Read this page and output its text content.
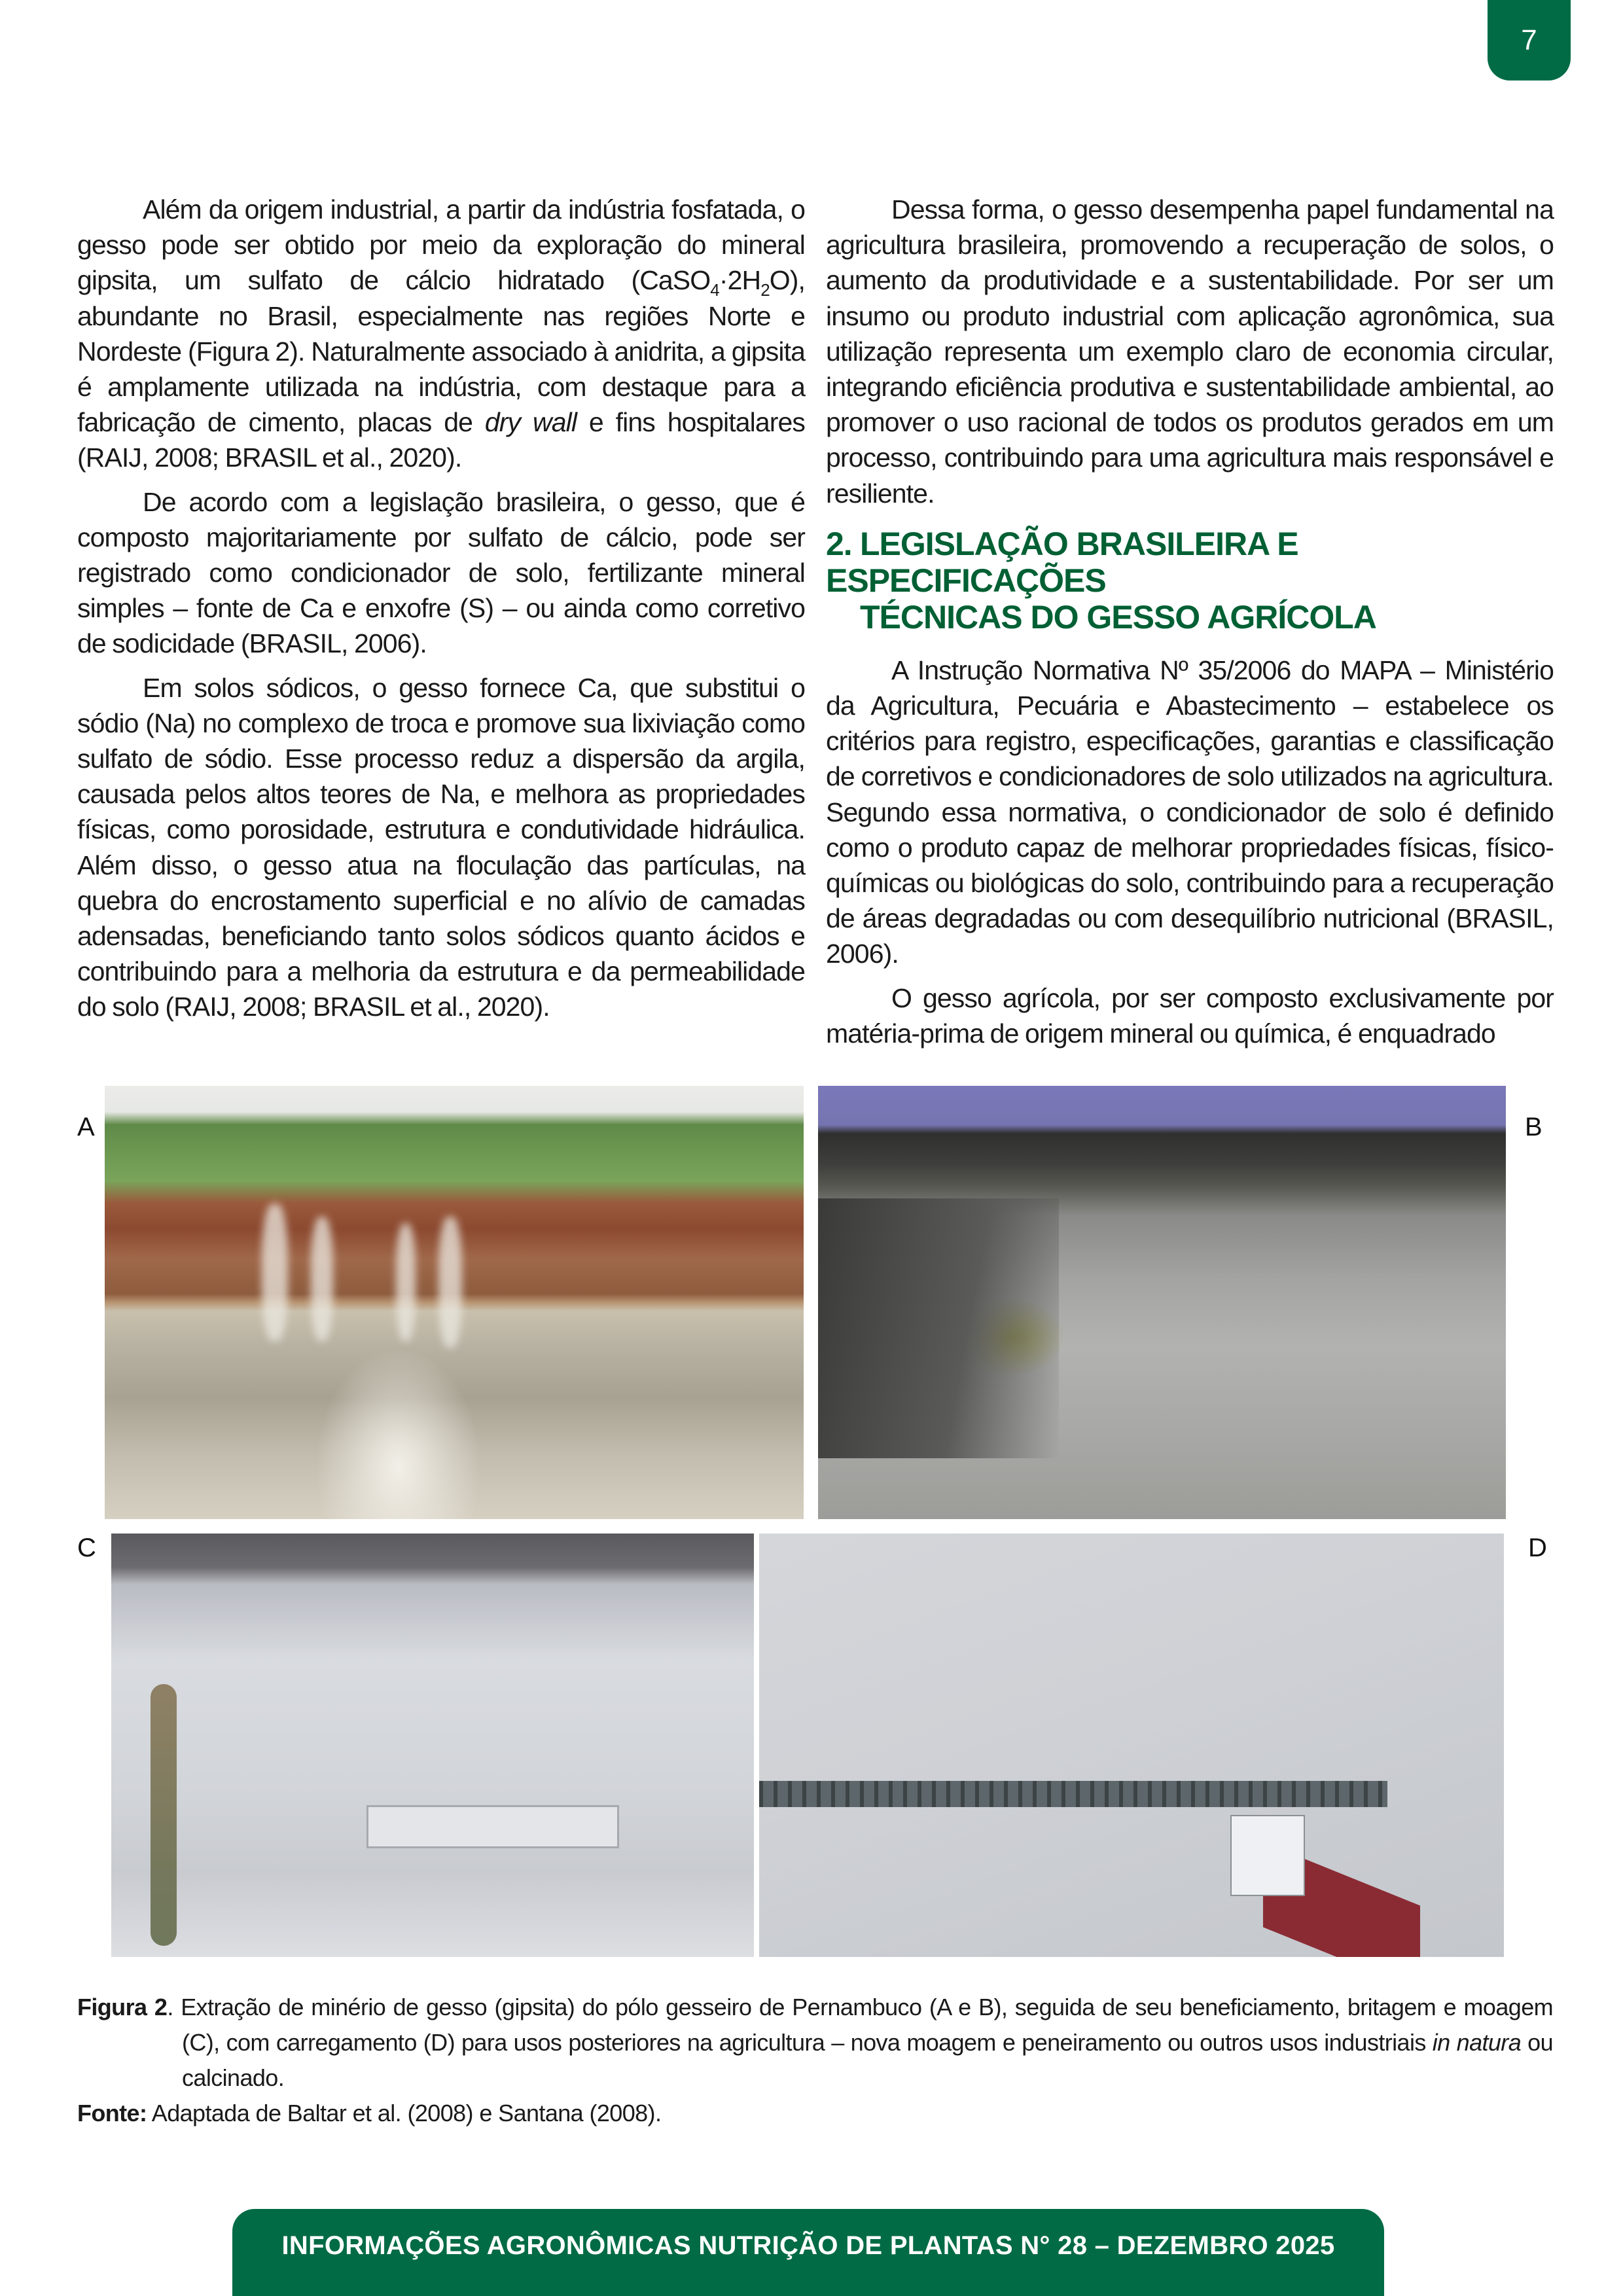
7

Além da origem industrial, a partir da indústria fosfatada, o gesso pode ser obtido por meio da exploração do mineral gipsita, um sulfato de cálcio hidratado $(CaSO_4\cdot 2H_2O)$, abundante no Brasil, especialmente nas regiões Norte e Nordeste (Figura 2). Naturalmente associado à anidrita, a gipsita é amplamente utilizada na indústria, com destaque para a fabricação de cimento, placas de dry wall e fins hospitalares (RAIJ, 2008; BRASIL et al., 2020).

De acordo com a legislação brasileira, o gesso, que é composto majoritariamente por sulfato de cálcio, pode ser registrado como condicionador de solo, fertilizante mineral simples – fonte de Ca e enxofre (S) – ou ainda como corretivo de sodicidade (BRASIL, 2006).

Em solos sódicos, o gesso fornece Ca, que substitui o sódio (Na) no complexo de troca e promove sua lixiviação como sulfato de sódio. Esse processo reduz a dispersão da argila, causada pelos altos teores de Na, e melhora as propriedades físicas, como porosidade, estrutura e condutividade hidráulica. Além disso, o gesso atua na floculação das partículas, na quebra do encrostamento superficial e no alívio de camadas adensadas, beneficiando tanto solos sódicos quanto ácidos e contribuindo para a melhoria da estrutura e da permeabilidade do solo (RAIJ, 2008; BRASIL et al., 2020).

Dessa forma, o gesso desempenha papel fundamental na agricultura brasileira, promovendo a recuperação de solos, o aumento da produtividade e a sustentabilidade. Por ser um insumo ou produto industrial com aplicação agronômica, sua utilização representa um exemplo claro de economia circular, integrando eficiência produtiva e sustentabilidade ambiental, ao promover o uso racional de todos os produtos gerados em um processo, contribuindo para uma agricultura mais responsável e resiliente.

2. LEGISLAÇÃO BRASILEIRA E ESPECIFICAÇÕES
TÉCNICAS DO GESSO AGRÍCOLA

A Instrução Normativa Nº 35/2006 do MAPA – Ministério da Agricultura, Pecuária e Abastecimento – estabelece os critérios para registro, especificações, garantias e classificação de corretivos e condicionadores de solo utilizados na agricultura. Segundo essa normativa, o condicionador de solo é definido como o produto capaz de melhorar propriedades físicas, físico-químicas ou biológicas do solo, contribuindo para a recuperação de áreas degradadas ou com desequilíbrio nutricional (BRASIL, 2006).

O gesso agrícola, por ser composto exclusivamente por matéria-prima de origem mineral ou química, é enquadrado

A	B
C	D
Figura 2. Extração de minério de gesso (gipsita) do pólo gesseiro de Pernambuco (A e B), seguida de seu beneficiamento, britagem e moagem (C), com carregamento (D) para usos posteriores na agricultura – nova moagem e peneiramento ou outros usos industriais in natura ou calcinado.
Fonte: Adaptada de Baltar et al. (2008) e Santana (2008).
INFORMAÇÕES AGRONÔMICAS NUTRIÇÃO DE PLANTAS N° 28 – DEZEMBRO 2025
